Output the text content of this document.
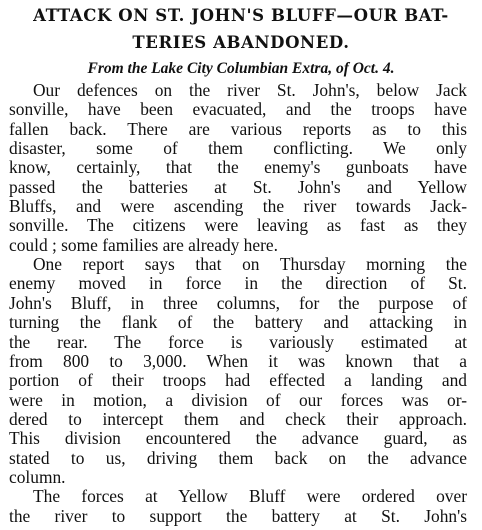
ATTACK ON ST. JOHN'S BLUFF—OUR BAT-
TERIES ABANDONED.
From the Lake City Columbian Extra, of Oct. 4.
Our defences on the river St. John's, below Jack
sonville, have been evacuated, and the troops have
fallen back. There are various reports as to this
disaster, some of them conflicting. We only
know, certainly, that the enemy's gunboats have
passed the batteries at St. John's and Yellow
Bluffs, and were ascending the river towards Jack-
sonville. The citizens were leaving as fast as they
could ; some families are already here.
One report says that on Thursday morning the
enemy moved in force in the direction of St.
John's Bluff, in three columns, for the purpose of
turning the flank of the battery and attacking in
the rear. The force is variously estimated at
from 800 to 3,000. When it was known that a
portion of their troops had effected a landing and
were in motion, a division of our forces was or-
dered to intercept them and check their approach.
This division encountered the advance guard, as
stated to us, driving them back on the advance
column.
The forces at Yellow Bluff were ordered over
the river to support the battery at St. John's
